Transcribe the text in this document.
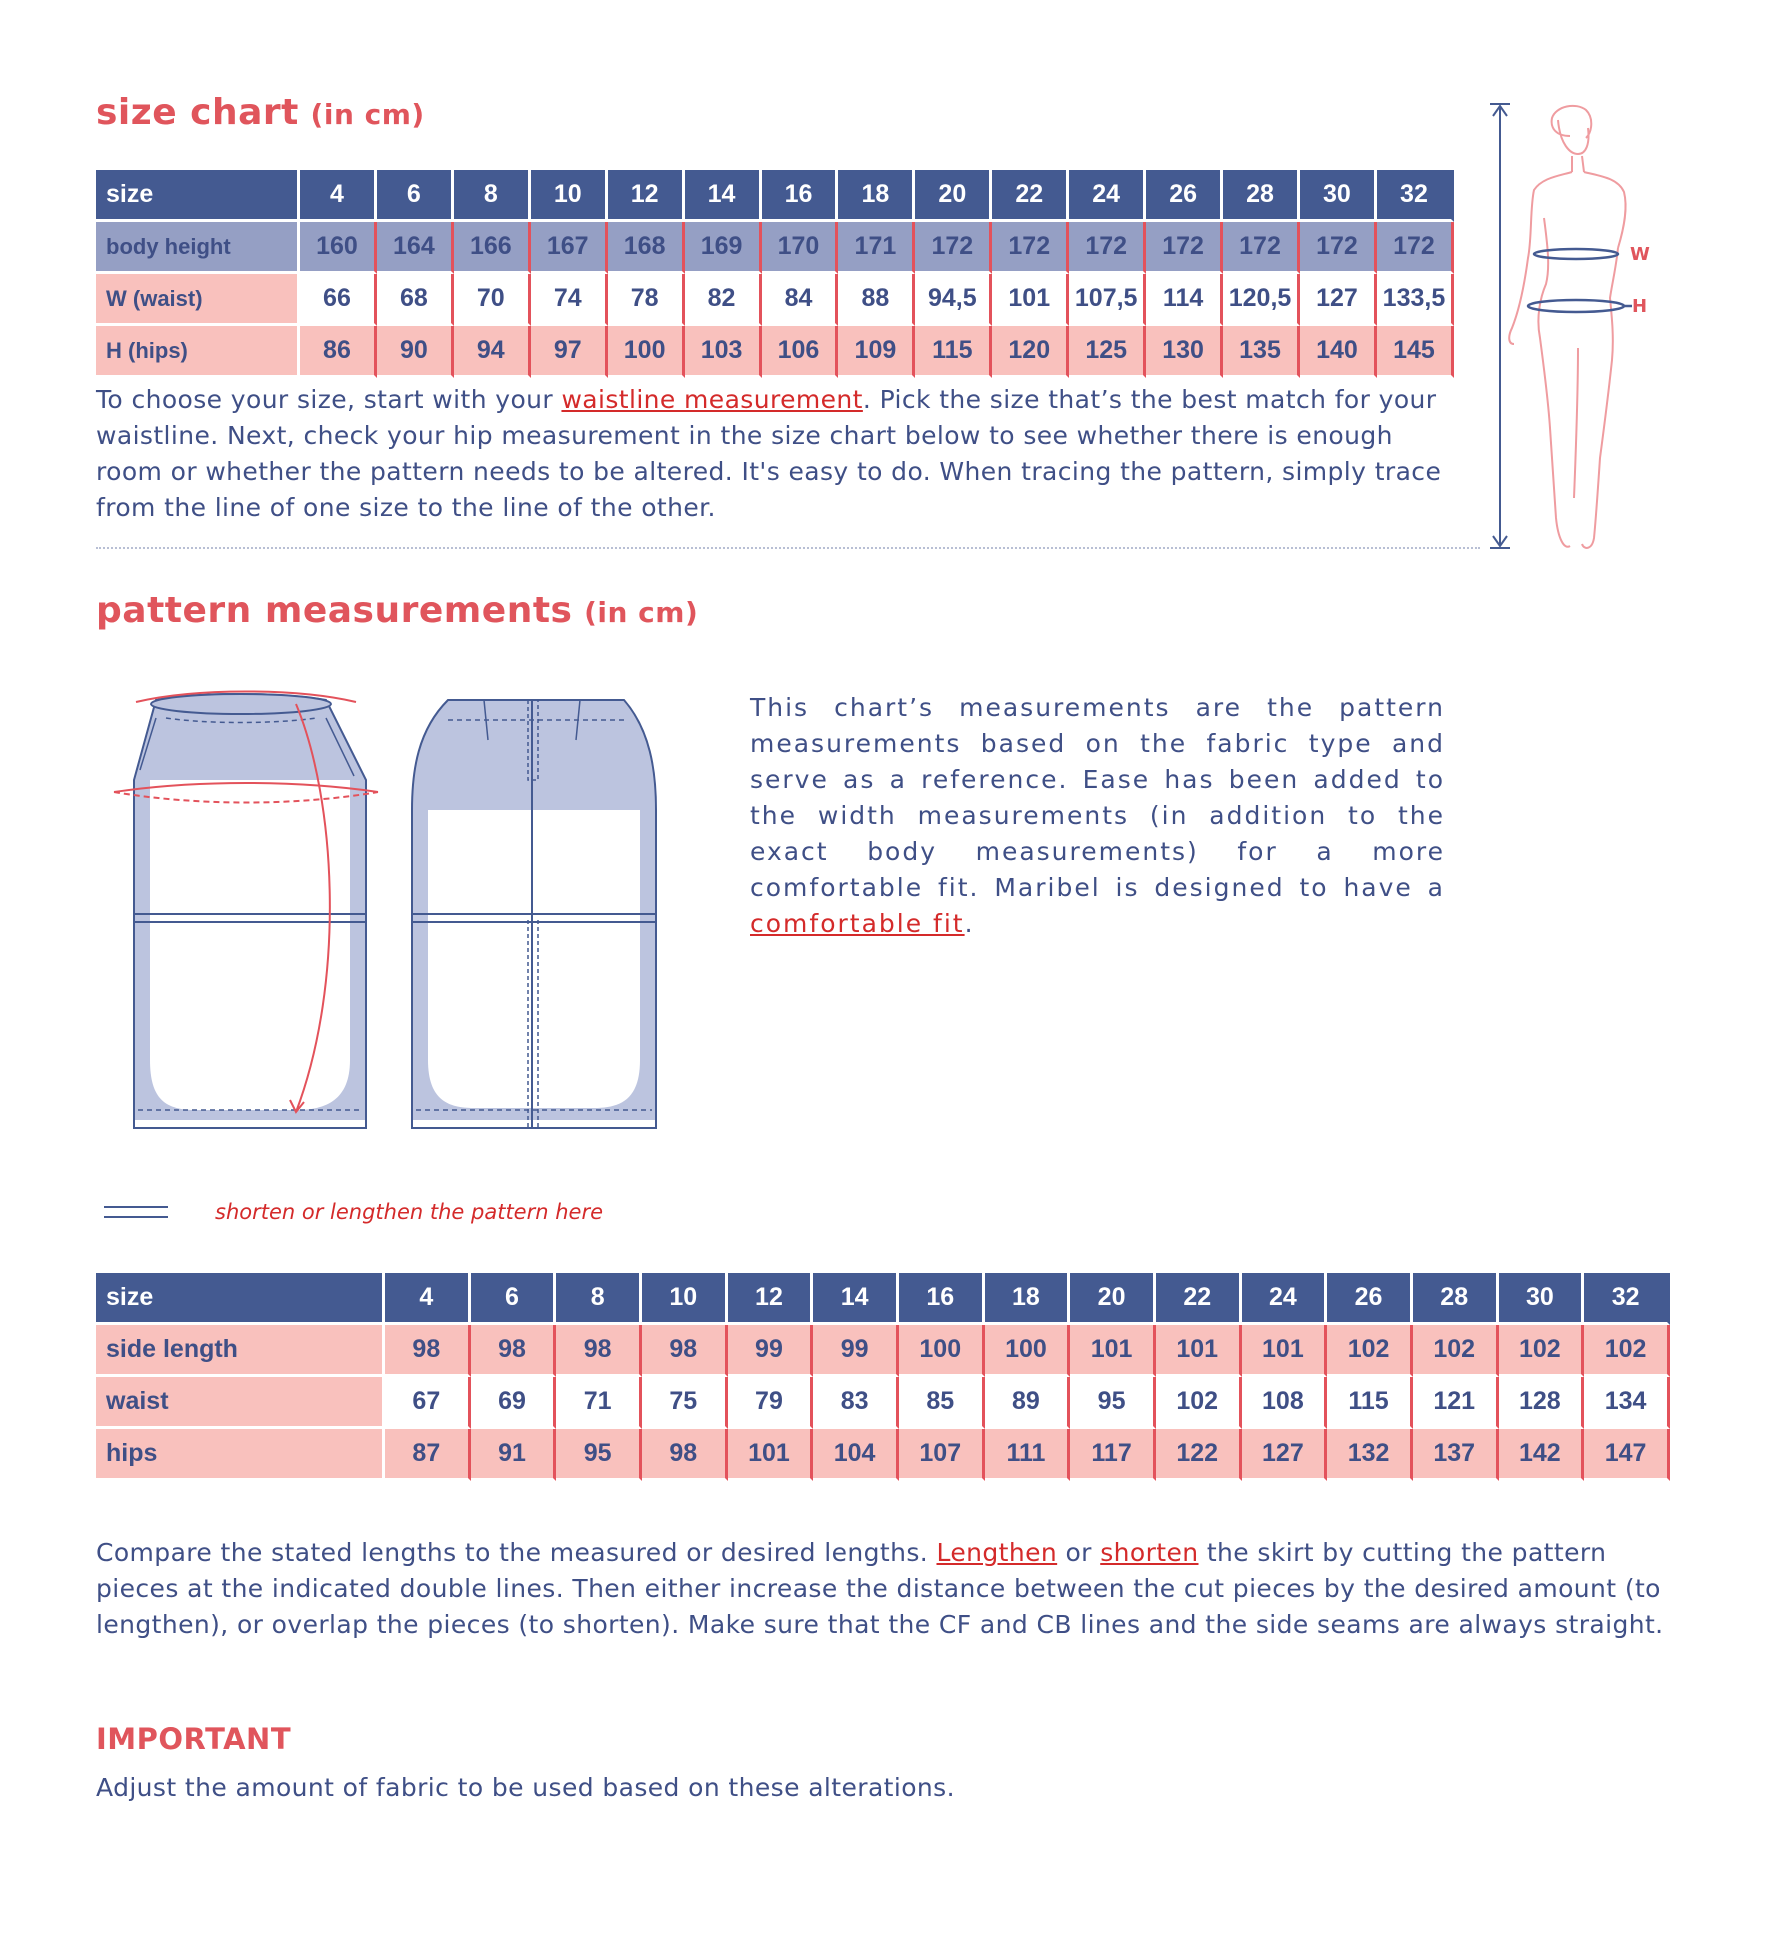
size chart (in cm)
size	4	6	8	10	12	14	16	18	20	22	24	26	28	30	32
body height	160	164	166	167	168	169	170	171	172	172	172	172	172	172	172
W (waist)	66	68	70	74	78	82	84	88	94,5	101	107,5	114	120,5	127	133,5
H (hips)	86	90	94	97	100	103	106	109	115	120	125	130	135	140	145

To choose your size, start with your waistline measurement. Pick the size that’s the best match for your waistline. Next, check your hip measurement in the size chart below to see whether there is enough room or whether the pattern needs to be altered. It's easy to do. When tracing the pattern, simply trace from the line of one size to the line of the other.

W
H
pattern measurements (in cm)

This chart’s measurements are the pattern measurements based on the fabric type and serve as a reference. Ease has been added to the width measurements (in addition to the exact body measurements) for a more comfortable fit. Maribel is designed to have a comfortable fit.

shorten or lengthen the pattern here

size	4	6	8	10	12	14	16	18	20	22	24	26	28	30	32
side length	98	98	98	98	99	99	100	100	101	101	101	102	102	102	102
waist	67	69	71	75	79	83	85	89	95	102	108	115	121	128	134
hips	87	91	95	98	101	104	107	111	117	122	127	132	137	142	147

Compare the stated lengths to the measured or desired lengths. Lengthen or shorten the skirt by cutting the pattern pieces at the indicated double lines. Then either increase the distance between the cut pieces by the desired amount (to lengthen), or overlap the pieces (to shorten). Make sure that the CF and CB lines and the side seams are always straight.

IMPORTANT

Adjust the amount of fabric to be used based on these alterations.
